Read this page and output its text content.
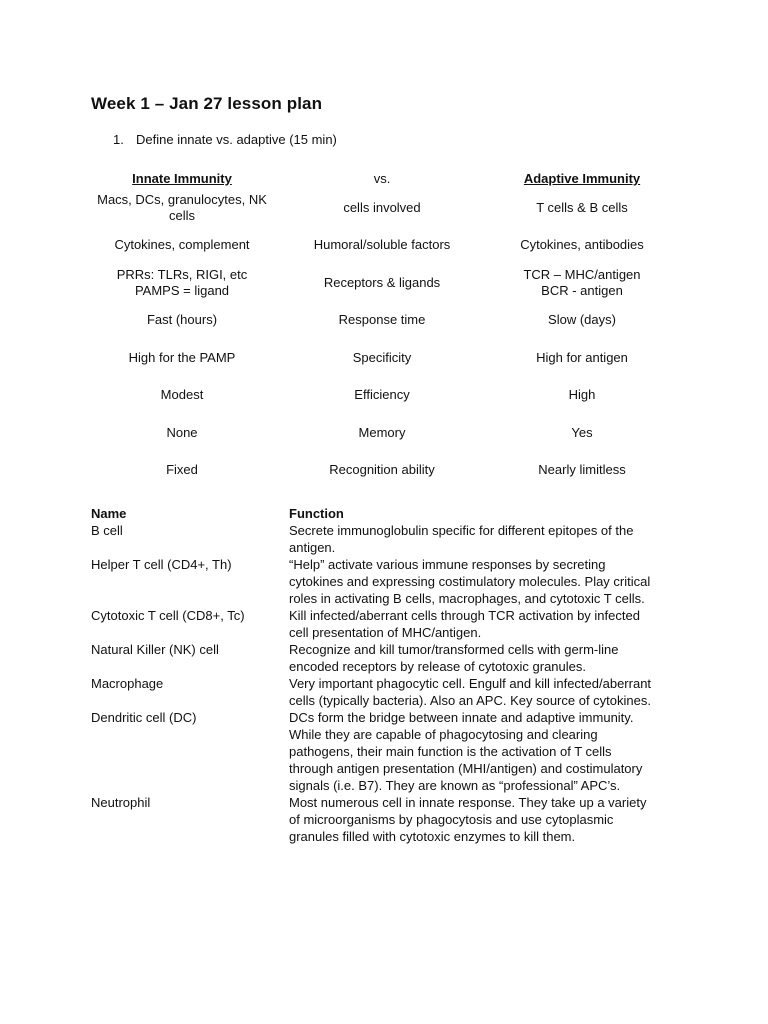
Week 1 – Jan 27 lesson plan
1. Define innate vs. adaptive (15 min)
Innate Immunity	vs.	Adaptive Immunity
Macs, DCs, granulocytes, NK
cells	cells involved	T cells & B cells
Cytokines, complement	Humoral/soluble factors	Cytokines, antibodies
PRRs: TLRs, RIGI, etc
PAMPS = ligand	Receptors & ligands	TCR – MHC/antigen
BCR - antigen
Fast (hours)	Response time	Slow (days)
High for the PAMP	Specificity	High for antigen
Modest	Efficiency	High
None	Memory	Yes
Fixed	Recognition ability	Nearly limitless
Name	Function
B cell	Secrete immunoglobulin specific for different epitopes of the
antigen.
Helper T cell (CD4+, Th)	“Help” activate various immune responses by secreting
cytokines and expressing costimulatory molecules. Play critical
roles in activating B cells, macrophages, and cytotoxic T cells.
Cytotoxic T cell (CD8+, Tc)	Kill infected/aberrant cells through TCR activation by infected
cell presentation of MHC/antigen.
Natural Killer (NK) cell	Recognize and kill tumor/transformed cells with germ-line
encoded receptors by release of cytotoxic granules.
Macrophage	Very important phagocytic cell. Engulf and kill infected/aberrant
cells (typically bacteria). Also an APC. Key source of cytokines.
Dendritic cell (DC)	DCs form the bridge between innate and adaptive immunity.
While they are capable of phagocytosing and clearing
pathogens, their main function is the activation of T cells
through antigen presentation (MHI/antigen) and costimulatory
signals (i.e. B7). They are known as “professional” APC’s.
Neutrophil	Most numerous cell in innate response. They take up a variety
of microorganisms by phagocytosis and use cytoplasmic
granules filled with cytotoxic enzymes to kill them.
